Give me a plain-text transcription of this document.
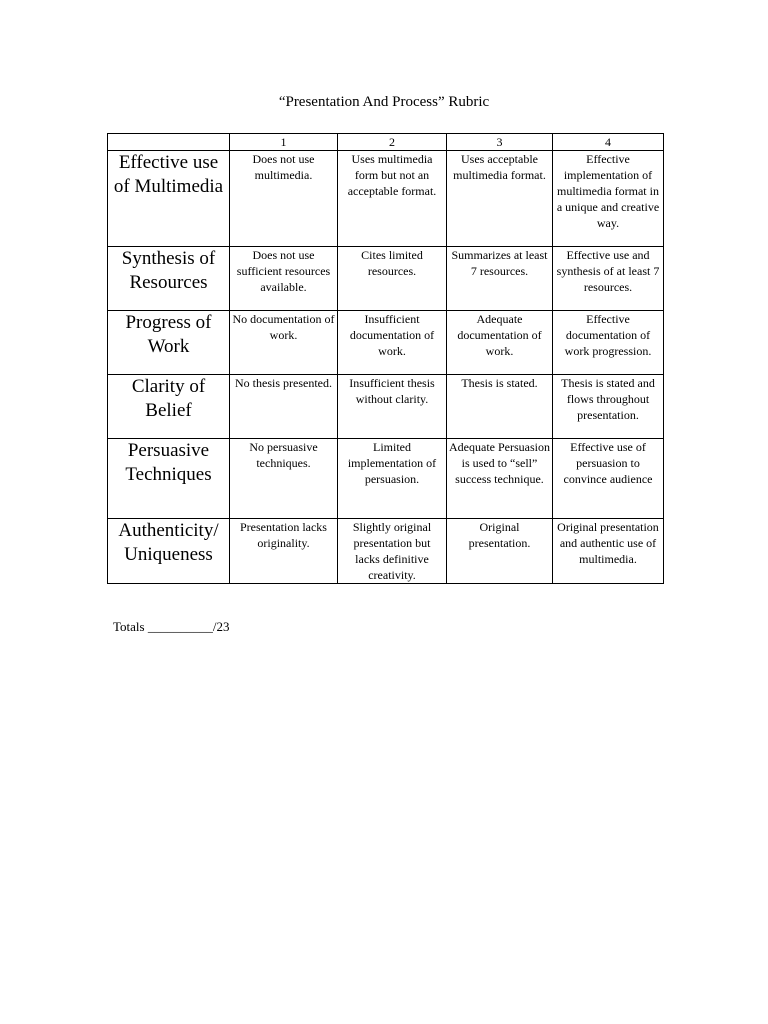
“Presentation And Process” Rubric
	1	2	3	4
Effective use of Multimedia	Does not use multimedia.	Uses multimedia form but not an acceptable format.	Uses acceptable multimedia format.	Effective implementation of multimedia format in a unique and creative way.
Synthesis of Resources	Does not use sufficient resources available.	Cites limited resources.	Summarizes at least 7 resources.	Effective use and synthesis of at least 7 resources.
Progress of Work	No documentation of work.	Insufficient documentation of work.	Adequate documentation of work.	Effective documentation of work progression.
Clarity of Belief	No thesis presented.	Insufficient thesis without clarity.	Thesis is stated.	Thesis is stated and flows throughout presentation.
Persuasive Techniques	No persuasive techniques.	Limited implementation of persuasion.	Adequate Persuasion is used to “sell” success technique.	Effective use of persuasion to convince audience
Authenticity/ Uniqueness	Presentation lacks originality.	Slightly original presentation but lacks definitive creativity.	Original presentation.	Original presentation and authentic use of multimedia.
Totals __________/23
